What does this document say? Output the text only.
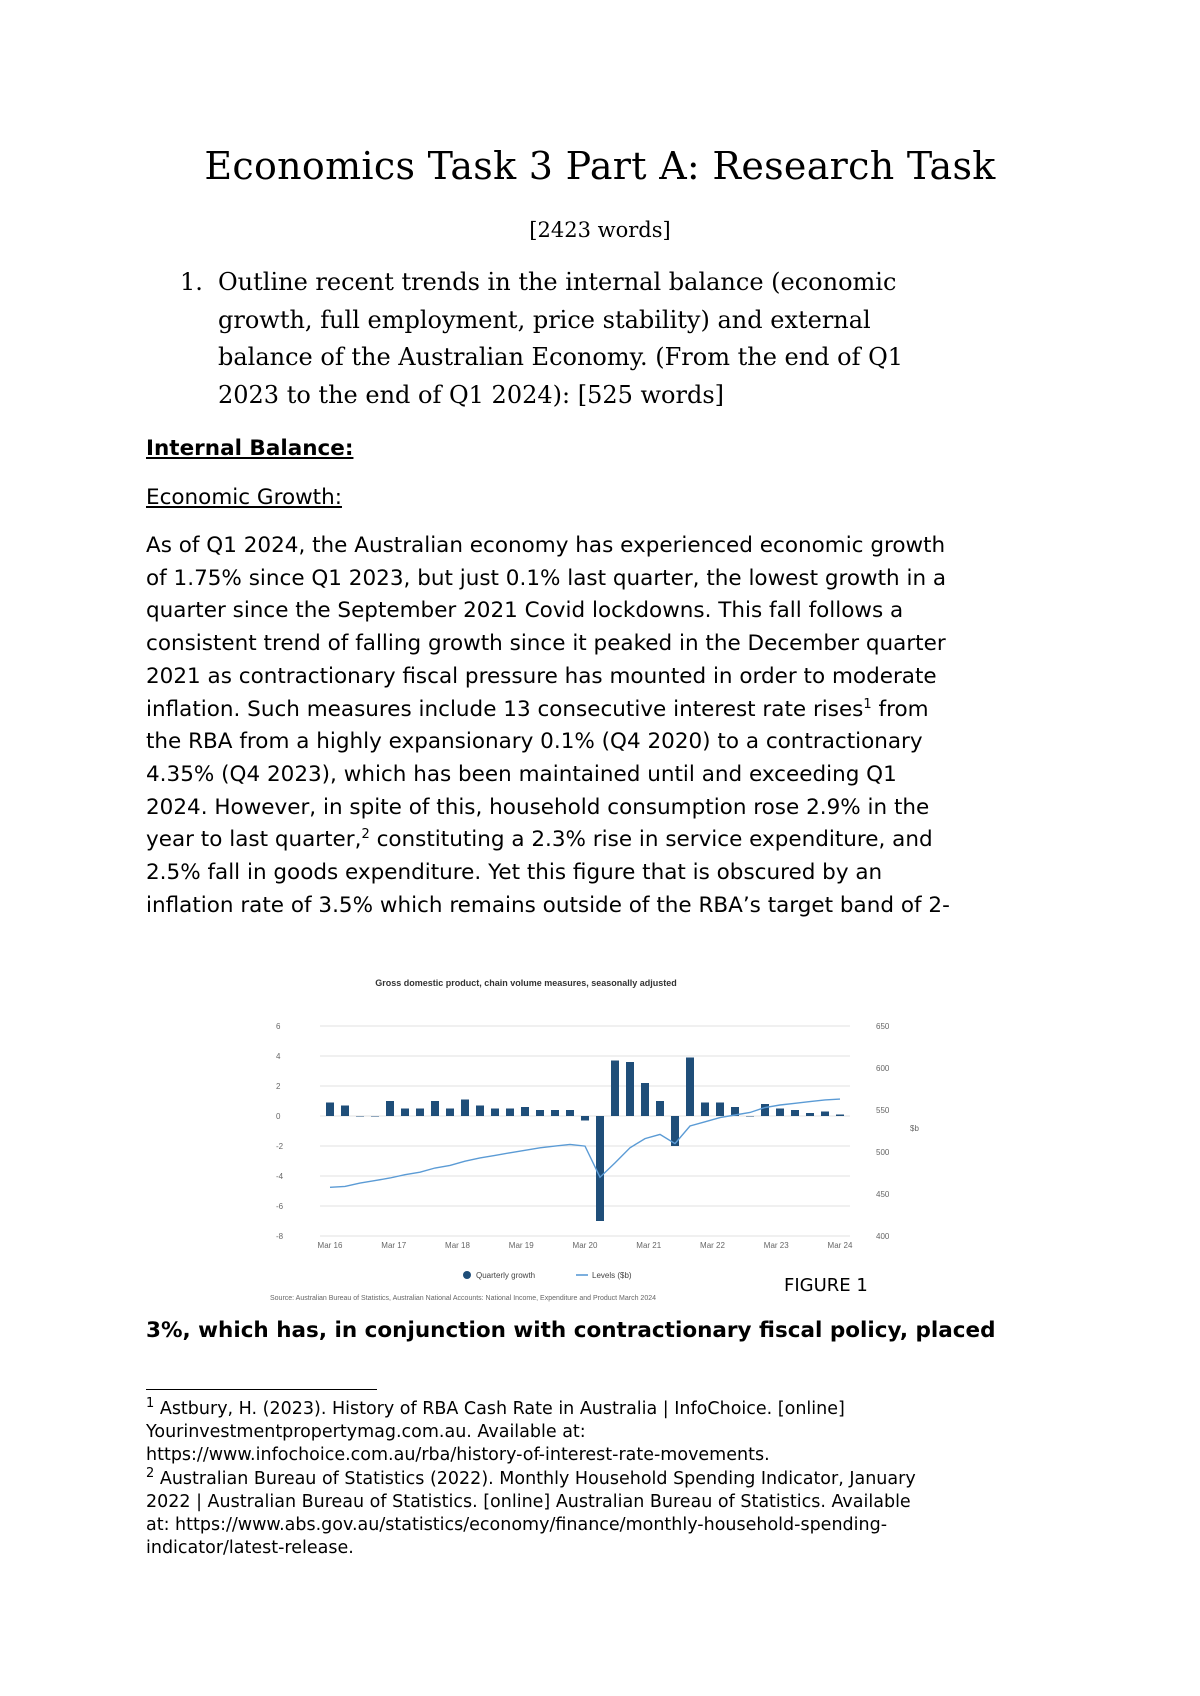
Economics Task 3 Part A: Research Task
[2423 words]
1. Outline recent trends in the internal balance (economic
growth, full employment, price stability) and external
balance of the Australian Economy. (From the end of Q1
2023 to the end of Q1 2024): [525 words]
Internal Balance:
Economic Growth:
As of Q1 2024, the Australian economy has experienced economic growth
of 1.75% since Q1 2023, but just 0.1% last quarter, the lowest growth in a
quarter since the September 2021 Covid lockdowns. This fall follows a
consistent trend of falling growth since it peaked in the December quarter
2021 as contractionary fiscal pressure has mounted in order to moderate
inflation. Such measures include 13 consecutive interest rate rises$^1$ from
the RBA from a highly expansionary 0.1% (Q4 2020) to a contractionary
4.35% (Q4 2023), which has been maintained until and exceeding Q1
2024. However, in spite of this, household consumption rose 2.9% in the
year to last quarter,$^2$ constituting a 2.3% rise in service expenditure, and
2.5% fall in goods expenditure. Yet this figure that is obscured by an
inflation rate of 3.5% which remains outside of the RBA’s target band of 2-
Gross domestic product, chain volume measures, seasonally adjusted
6
4
2
0
-2
-4
-6
-8
650
600
550
500
450
400
$b
Mar 16	Mar 17	Mar 18	Mar 19	Mar 20	Mar 21	Mar 22	Mar 23	Mar 24
Quarterly growth	Levels ($b)
Source: Australian Bureau of Statistics, Australian National Accounts: National Income, Expenditure and Product March 2024
FIGURE 1
3%, which has, in conjunction with contractionary fiscal policy, placed
$^1$ Astbury, H. (2023). History of RBA Cash Rate in Australia | InfoChoice. [online]
Yourinvestmentpropertymag.com.au. Available at:
https://www.infochoice.com.au/rba/history-of-interest-rate-movements.
$^2$ Australian Bureau of Statistics (2022). Monthly Household Spending Indicator, January
2022 | Australian Bureau of Statistics. [online] Australian Bureau of Statistics. Available
at: https://www.abs.gov.au/statistics/economy/finance/monthly-household-spending-
indicator/latest-release.
